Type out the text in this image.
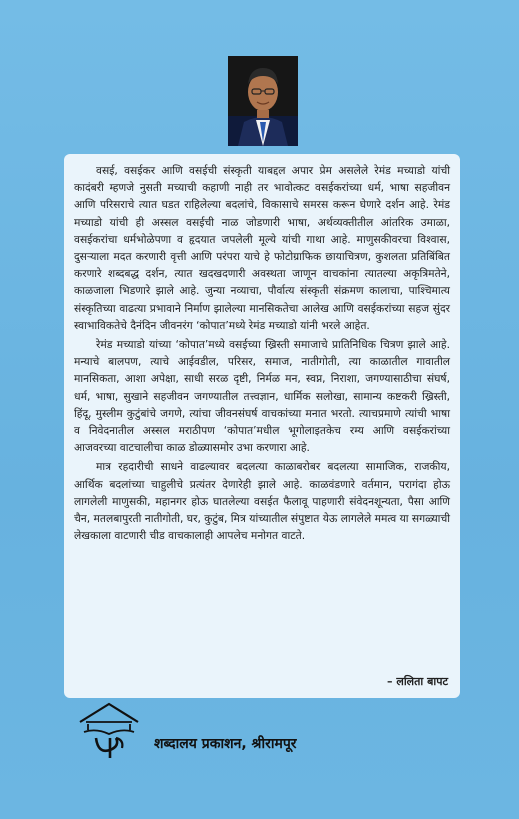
वसई, वसईकर आणि वसईची संस्कृती याबद्दल अपार प्रेम असलेले रेमंड मच्याडो यांची कादंबरी म्हणजे नुसती मच्याची कहाणी नाही तर भावोत्कट वसईकरांच्या धर्म, भाषा सहजीवन आणि परिसराचे त्यात घडत राहिलेल्या बदलांचे, विकासाचे समरस करून घेणारे दर्शन आहे. रेमंड मच्याडो यांची ही अस्सल वसईची नाळ जोडणारी भाषा, अर्थव्यक्तीतील आंतरिक उमाळा, वसईकरांचा धर्मभोळेपणा व हृदयात जपलेली मूल्ये यांची गाथा आहे. माणुसकीवरचा विश्वास, दुसऱ्याला मदत करणारी वृत्ती आणि परंपरा याचे हे फोटोग्राफिक छायाचित्रण, कुशलता प्रतिबिंबित करणारे शब्दबद्ध दर्शन, त्यात खदखदणारी अवस्थता जाणून वाचकांना त्यातल्या अकृत्रिमतेने, काळजाला भिडणारे झाले आहे. जुन्या नव्याचा, पौर्वात्य संस्कृती संक्रमण कालाचा, पाश्चिमात्य संस्कृतिच्या वाढत्या प्रभावाने निर्माण झालेल्या मानसिकतेचा आलेख आणि वसईकरांच्या सहज सुंदर स्वाभाविकतेचे दैनंदिन जीवनरंग ‘कोपात’मध्ये रेमंड मच्याडो यांनी भरले आहेत.

रेमंड मच्याडो यांच्या ‘कोपात’मध्ये वसईच्या ख्रिस्ती समाजाचे प्रातिनिधिक चित्रण झाले आहे. मन्याचे बालपण, त्याचे आईवडील, परिसर, समाज, नातीगोती, त्या काळातील गावातील मानसिकता, आशा अपेक्षा, साधी सरळ दृष्टी, निर्मळ मन, स्वप्न, निराशा, जगण्यासाठीचा संघर्ष, धर्म, भाषा, सुखाने सहजीवन जगण्यातील तत्त्वज्ञान, धार्मिक सलोखा, सामान्य कष्टकरी ख्रिस्ती, हिंदू, मुस्लीम कुटुंबांचे जगणे, त्यांचा जीवनसंघर्ष वाचकांच्या मनात भरतो. त्याचप्रमाणे त्यांची भाषा व निवेदनातील अस्सल मराठीपण ‘कोपात’मधील भूगोलाइतकेच रम्य आणि वसईकरांच्या आजवरच्या वाटचालीचा काळ डोळ्यासमोर उभा करणारा आहे.

मात्र रहदारीची साधने वाढल्यावर बदलत्या काळाबरोबर बदलत्या सामाजिक, राजकीय, आर्थिक बदलांच्या चाहुलीचे प्रत्यंतर देणारेही झाले आहे. काळवंडणारे वर्तमान, परागंदा होऊ लागलेली माणुसकी, महानगर होऊ घातलेल्या वसईत फैलावू पाहणारी संवेदनशून्यता, पैसा आणि चैन, मतलबापुरती नातीगोती, घर, कुटुंब, मित्र यांच्यातील संपुष्टात येऊ लागलेले ममत्व या सगळ्याची लेखकाला वाटणारी चीड वाचकालाही आपलेच मनोगत वाटते.

– ललिता बापट
शब्दालय प्रकाशन, श्रीरामपूर
